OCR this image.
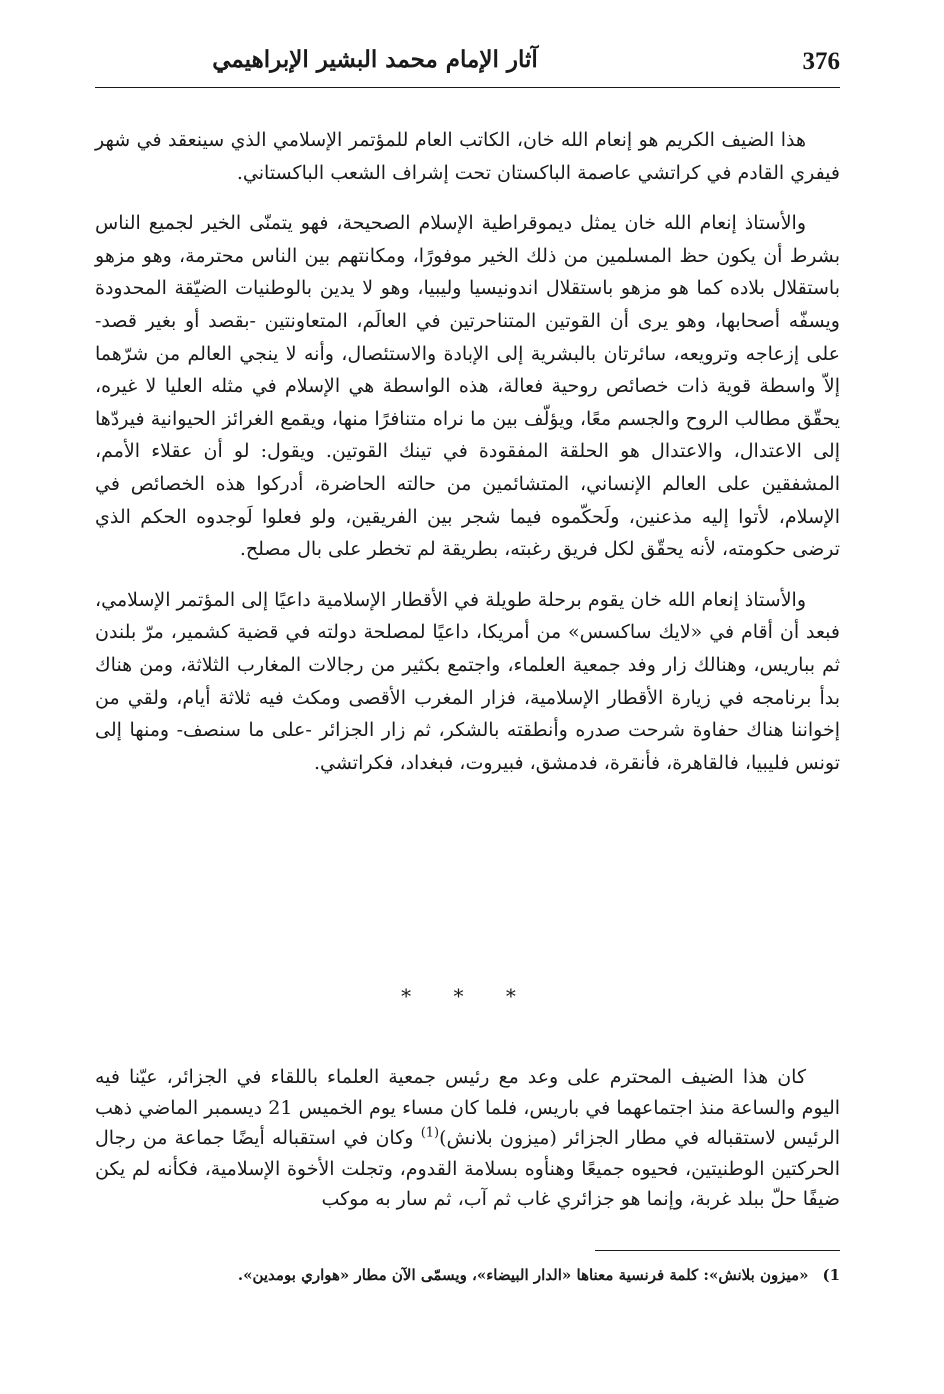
376
آثار الإمام محمد البشير الإبراهيمي

هذا الضيف الكريم هو إنعام الله خان، الكاتب العام للمؤتمر الإسلامي الذي سينعقد في شهر فيفري القادم في كراتشي عاصمة الباكستان تحت إشراف الشعب الباكستاني.

والأستاذ إنعام الله خان يمثل ديموقراطية الإسلام الصحيحة، فهو يتمنّى الخير لجميع الناس بشرط أن يكون حظ المسلمين من ذلك الخير موفورًا، ومكانتهم بين الناس محترمة، وهو مزهو باستقلال بلاده كما هو مزهو باستقلال اندونيسيا وليبيا، وهو لا يدين بالوطنيات الضيّقة المحدودة ويسفّه أصحابها، وهو يرى أن القوتين المتناحرتين في العالَم، المتعاونتين -بقصد أو بغير قصد- على إزعاجه وترويعه، سائرتان بالبشرية إلى الإبادة والاستئصال، وأنه لا ينجي العالم من شرّهما إلاّ واسطة قوية ذات خصائص روحية فعالة، هذه الواسطة هي الإسلام في مثله العليا لا غيره، يحقّق مطالب الروح والجسم معًا، ويؤلّف بين ما نراه متنافرًا منها، ويقمع الغرائز الحيوانية فيردّها إلى الاعتدال، والاعتدال هو الحلقة المفقودة في تينك القوتين. ويقول: لو أن عقلاء الأمم، المشفقين على العالم الإنساني، المتشائمين من حالته الحاضرة، أدركوا هذه الخصائص في الإسلام، لأتوا إليه مذعنين، ولَحكّموه فيما شجر بين الفريقين، ولو فعلوا لَوجدوه الحكم الذي ترضى حكومته، لأنه يحقّق لكل فريق رغبته، بطريقة لم تخطر على بال مصلح.

والأستاذ إنعام الله خان يقوم برحلة طويلة في الأقطار الإسلامية داعيًا إلى المؤتمر الإسلامي، فبعد أن أقام في «لايك ساكسس» من أمريكا، داعيًا لمصلحة دولته في قضية كشمير، مرّ بلندن ثم بباريس، وهنالك زار وفد جمعية العلماء، واجتمع بكثير من رجالات المغارب الثلاثة، ومن هناك بدأ برنامجه في زيارة الأقطار الإسلامية، فزار المغرب الأقصى ومكث فيه ثلاثة أيام، ولقي من إخواننا هناك حفاوة شرحت صدره وأنطقته بالشكر، ثم زار الجزائر -على ما سنصف- ومنها إلى تونس فليبيا، فالقاهرة، فأنقرة، فدمشق، فبيروت، فبغداد، فكراتشي.

* * *

كان هذا الضيف المحترم على وعد مع رئيس جمعية العلماء باللقاء في الجزائر، عيّنا فيه اليوم والساعة منذ اجتماعهما في باريس، فلما كان مساء يوم الخميس 21 ديسمبر الماضي ذهب الرئيس لاستقباله في مطار الجزائر (ميزون بلانش)$^{(1)}$ وكان في استقباله أيضًا جماعة من رجال الحركتين الوطنيتين، فحيوه جميعًا وهنأوه بسلامة القدوم، وتجلت الأخوة الإسلامية، فكأنه لم يكن ضيفًا حلّ ببلد غربة، وإنما هو جزائري غاب ثم آب، ثم سار به موكب

1)«ميزون بلانش»: كلمة فرنسية معناها «الدار البيضاء»، ويسمّى الآن مطار «هواري بومدين».
